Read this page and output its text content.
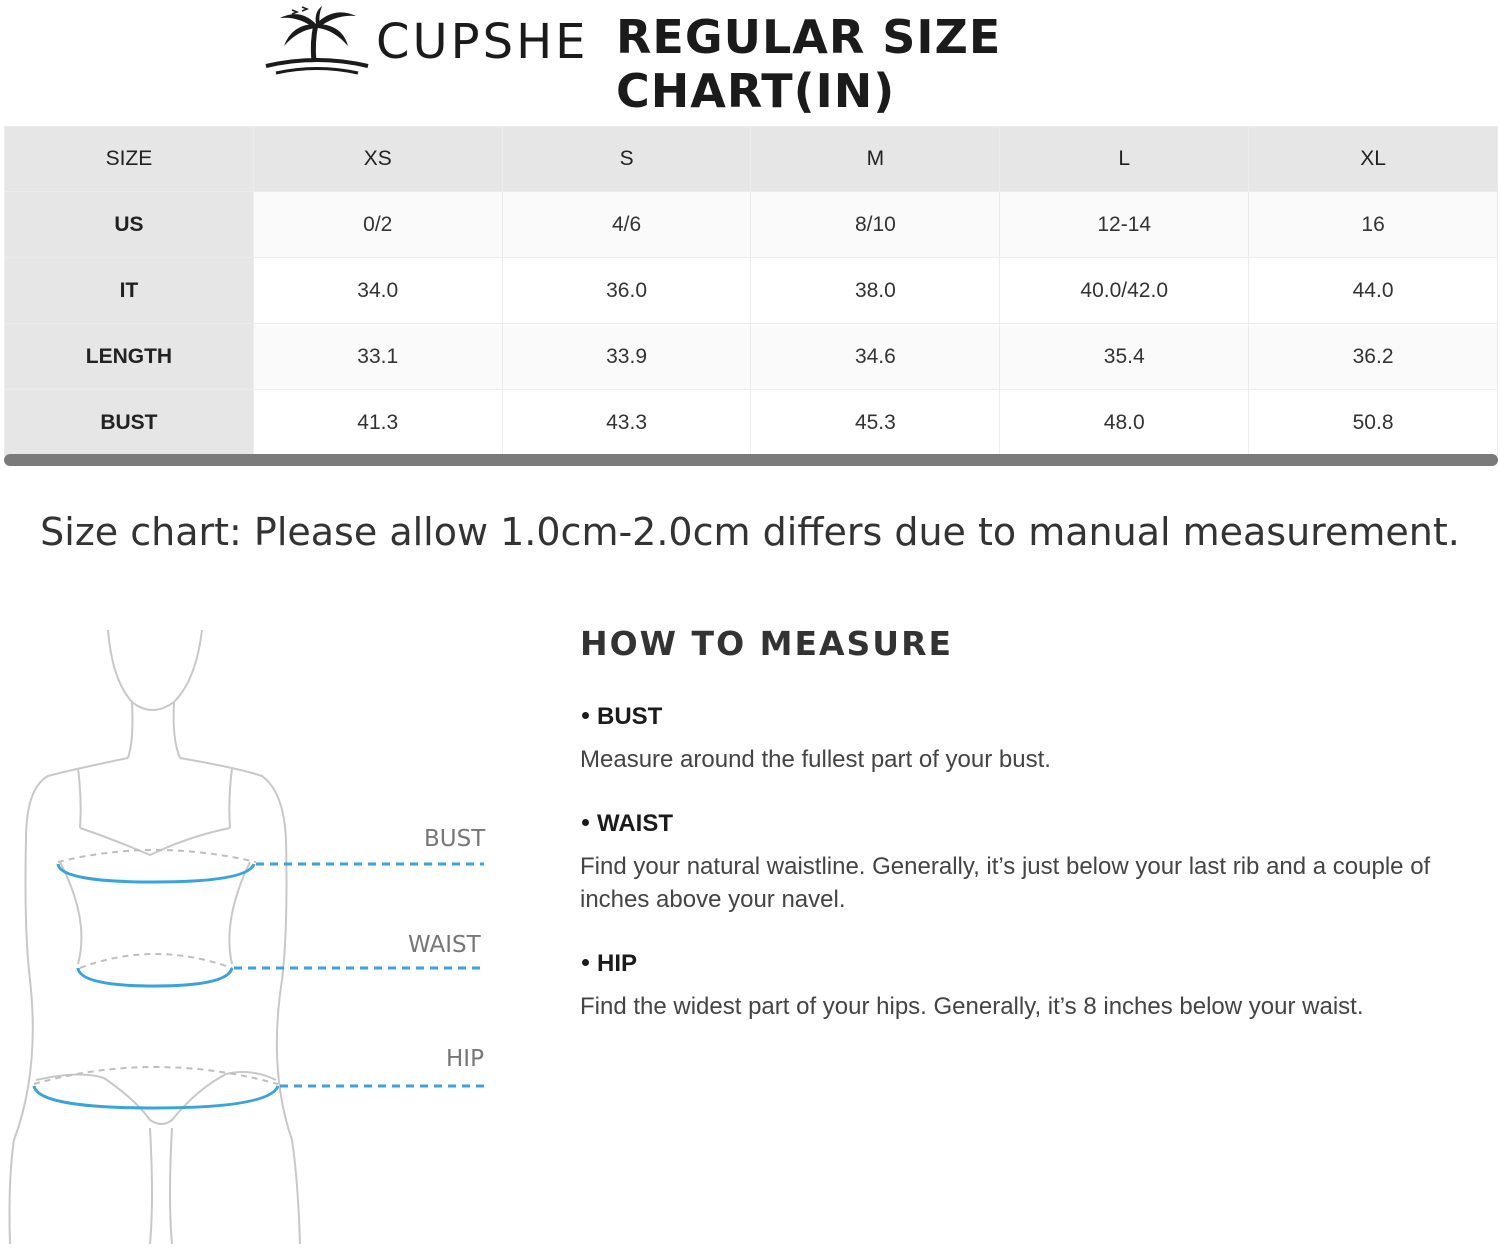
CUPSHE REGULAR SIZE CHART(IN)
SIZE	XS	S	M	L	XL
US	0/2	4/6	8/10	12-14	16
IT	34.0	36.0	38.0	40.0/42.0	44.0
LENGTH	33.1	33.9	34.6	35.4	36.2
BUST	41.3	43.3	45.3	48.0	50.8
Size chart: Please allow 1.0cm-2.0cm differs due to manual measurement.
BUST
WAIST
HIP
HOW TO MEASURE
BUST
Measure around the fullest part of your bust.
WAIST
Find your natural waistline. Generally, it’s just below your last rib and a couple of inches above your navel.
HIP
Find the widest part of your hips. Generally, it’s 8 inches below your waist.
